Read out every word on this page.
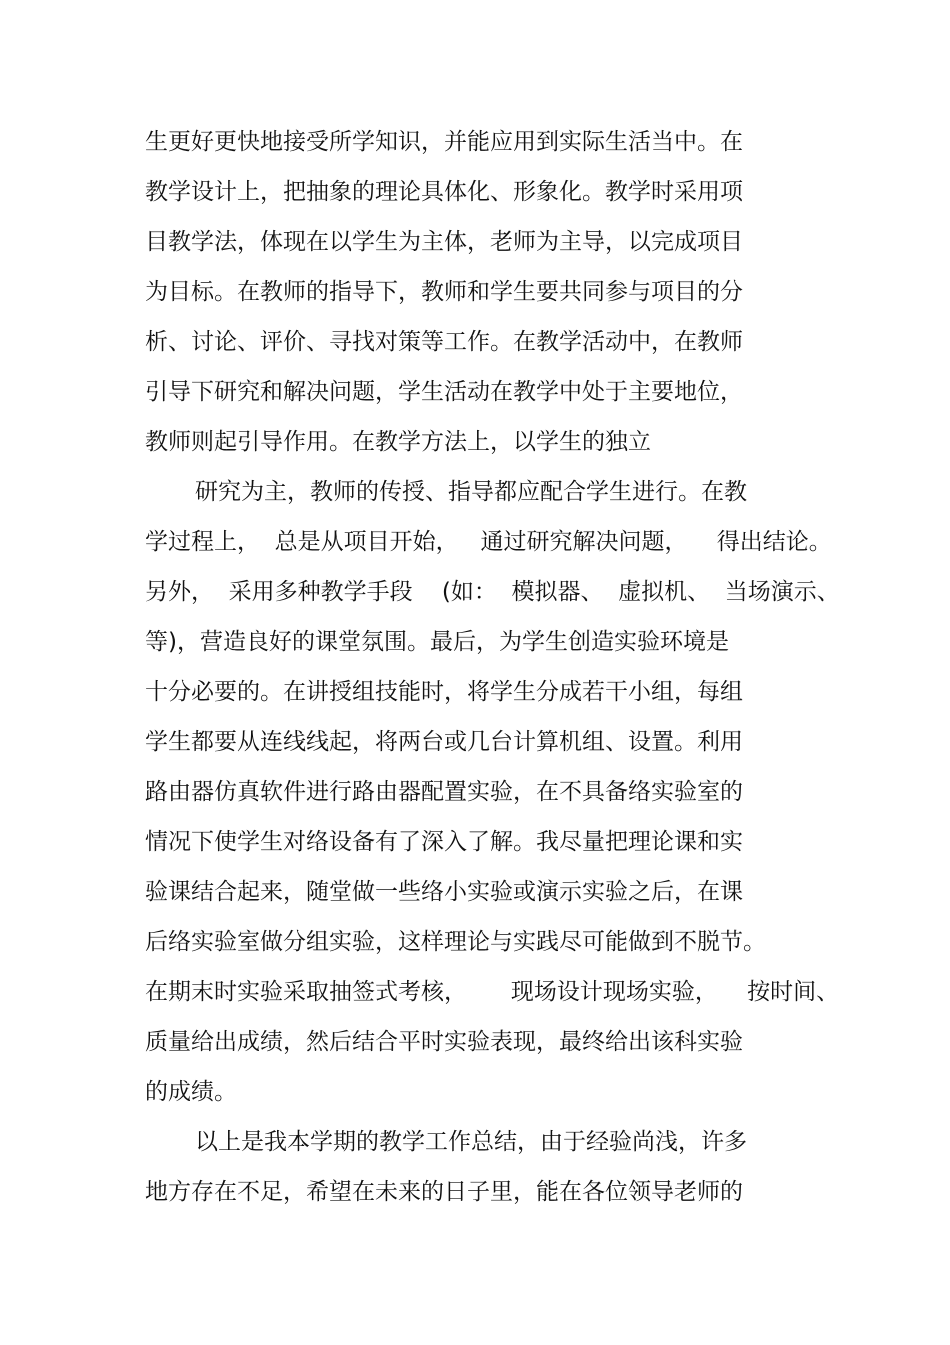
生更好更快地接受所学知识，并能应用到实际生活当中。在
教学设计上，把抽象的理论具体化、形象化。教学时采用项
目教学法，体现在以学生为主体，老师为主导，以完成项目
为目标。在教师的指导下，教师和学生要共同参与项目的分
析、讨论、评价、寻找对策等工作。在教学活动中，在教师
引导下研究和解决问题，学生活动在教学中处于主要地位，
教师则起引导作用。在教学方法上，以学生的独立
研究为主，教师的传授、指导都应配合学生进行。在教
学过程上，  总是从项目开始，   通过研究解决问题，    得出结论。
另外，  采用多种教学手段    (如：  模拟器、  虚拟机、  当场演示、
等)，营造良好的课堂氛围。最后，为学生创造实验环境是
十分必要的。在讲授组技能时，将学生分成若干小组，每组
学生都要从连线线起，将两台或几台计算机组、设置。利用
路由器仿真软件进行路由器配置实验，在不具备络实验室的
情况下使学生对络设备有了深入了解。我尽量把理论课和实
验课结合起来，随堂做一些络小实验或演示实验之后，在课
后络实验室做分组实验，这样理论与实践尽可能做到不脱节。
在期末时实验采取抽签式考核，      现场设计现场实验，    按时间、
质量给出成绩，然后结合平时实验表现，最终给出该科实验
的成绩。
以上是我本学期的教学工作总结，由于经验尚浅，许多
地方存在不足，希望在未来的日子里，能在各位领导老师的
